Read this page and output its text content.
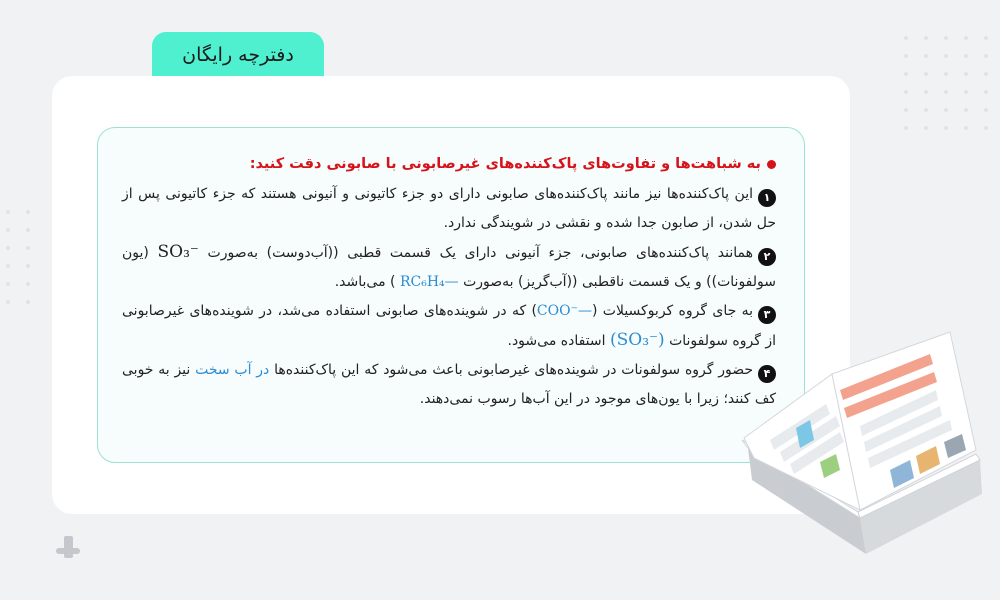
دفترچه رایگان

به شباهت‌ها و تفاوت‌های پاک‌کننده‌های غیرصابونی با صابونی دقت کنید:

۱این پاک‌کننده‌ها نیز مانند پاک‌کننده‌های صابونی دارای دو جزء کاتیونی و آنیونی هستند که جزء کاتیونی پس از حل شدن، از صابون جدا شده و نقشی در شویندگی ندارد.

۲همانند پاک‌کننده‌های صابونی، جزء آنیونی دارای یک قسمت قطبی ((آب‌دوست) به‌صورت SO₃⁻ (یون سولفونات)) و یک قسمت ناقطبی ((آب‌گریز) به‌صورت RC₆H₄— ) می‌باشد.

۳به جای گروه کربوکسیلات (COO⁻—) که در شوینده‌های صابونی استفاده می‌شد، در شوینده‌های غیرصابونی از گروه سولفونات (SO₃⁻) استفاده می‌شود.

۴حضور گروه سولفونات در شوینده‌های غیرصابونی باعث می‌شود که این پاک‌کننده‌ها در آب سخت نیز به خوبی کف کنند؛ زیرا با یون‌های موجود در این آب‌ها رسوب نمی‌دهند.
